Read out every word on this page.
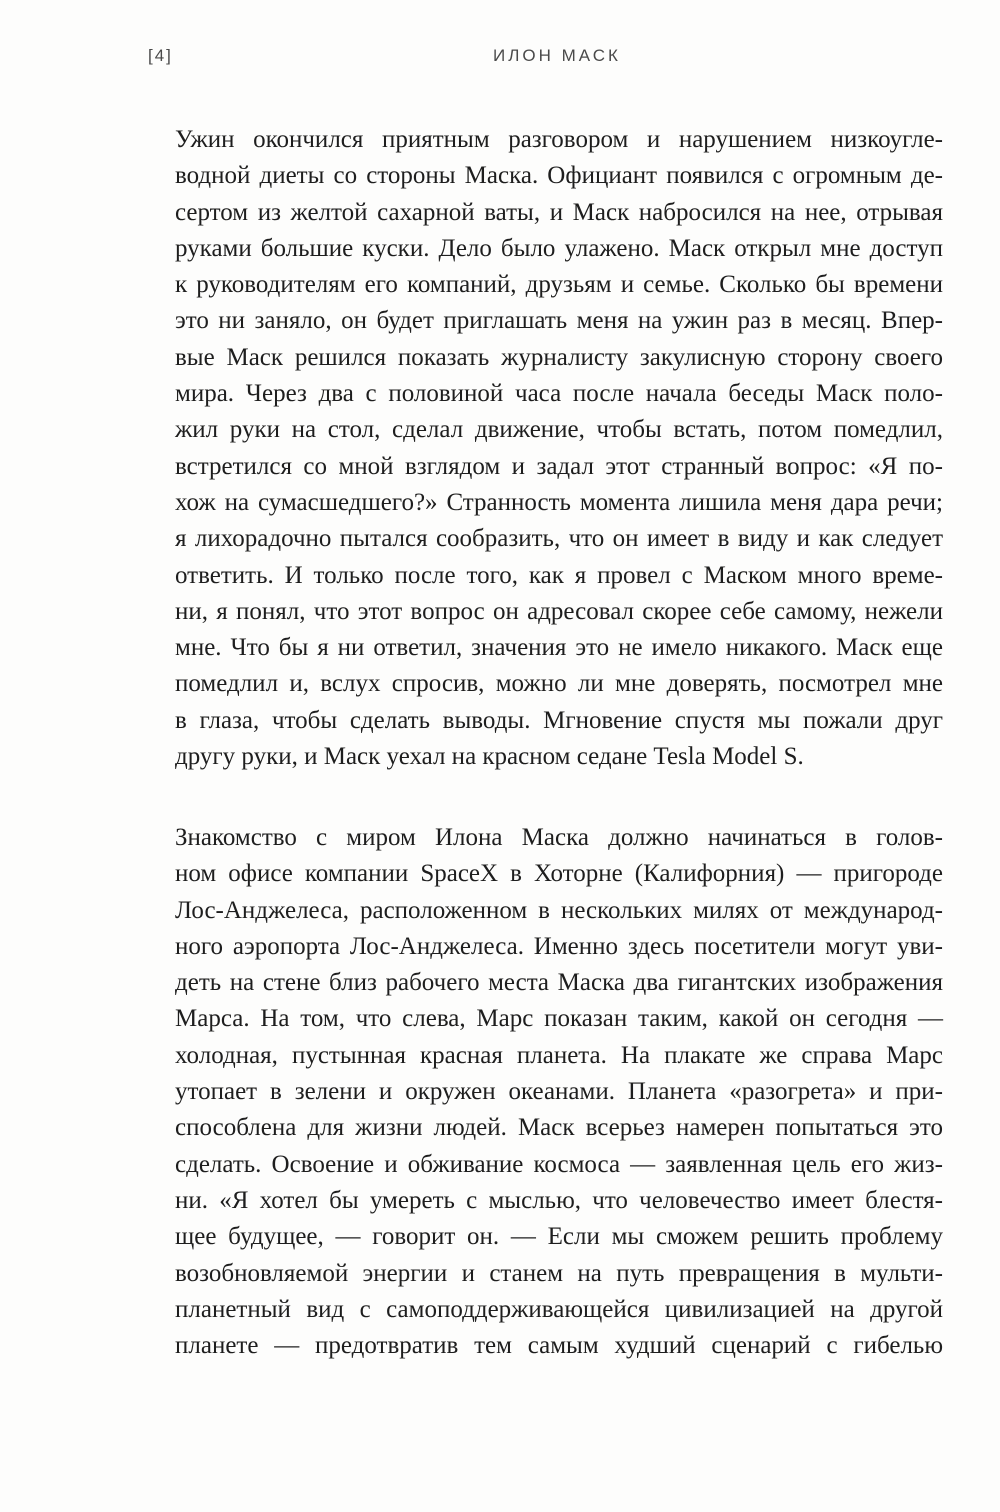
[4]	ИЛОН МАСК
Ужин окончился приятным разговором и нарушением низкоугле-
водной диеты со стороны Маска. Официант появился с огромным де-
сертом из желтой сахарной ваты, и Маск набросился на нее, отрывая
руками большие куски. Дело было улажено. Маск открыл мне доступ
к руководителям его компаний, друзьям и семье. Сколько бы времени
это ни заняло, он будет приглашать меня на ужин раз в месяц. Впер-
вые Маск решился показать журналисту закулисную сторону своего
мира. Через два с половиной часа после начала беседы Маск поло-
жил руки на стол, сделал движение, чтобы встать, потом помедлил,
встретился со мной взглядом и задал этот странный вопрос: «Я по-
хож на сумасшедшего?» Странность момента лишила меня дара речи;
я лихорадочно пытался сообразить, что он имеет в виду и как следует
ответить. И только после того, как я провел с Маском много време-
ни, я понял, что этот вопрос он адресовал скорее себе самому, нежели
мне. Что бы я ни ответил, значения это не имело никакого. Маск еще
помедлил и, вслух спросив, можно ли мне доверять, посмотрел мне
в глаза, чтобы сделать выводы. Мгновение спустя мы пожали друг
другу руки, и Маск уехал на красном седане Tesla Model S.
Знакомство с миром Илона Маска должно начинаться в голов-
ном офисе компании SpaceX в Хоторне (Калифорния) — пригороде
Лос-Анджелеса, расположенном в нескольких милях от международ-
ного аэропорта Лос-Анджелеса. Именно здесь посетители могут уви-
деть на стене близ рабочего места Маска два гигантских изображения
Марса. На том, что слева, Марс показан таким, какой он сегодня —
холодная, пустынная красная планета. На плакате же справа Марс
утопает в зелени и окружен океанами. Планета «разогрета» и при-
способлена для жизни людей. Маск всерьез намерен попытаться это
сделать. Освоение и обживание космоса — заявленная цель его жиз-
ни. «Я хотел бы умереть с мыслью, что человечество имеет блестя-
щее будущее, — говорит он. — Если мы сможем решить проблему
возобновляемой энергии и станем на путь превращения в мульти-
планетный вид с самоподдерживающейся цивилизацией на другой
планете — предотвратив тем самым худший сценарий с гибелью
